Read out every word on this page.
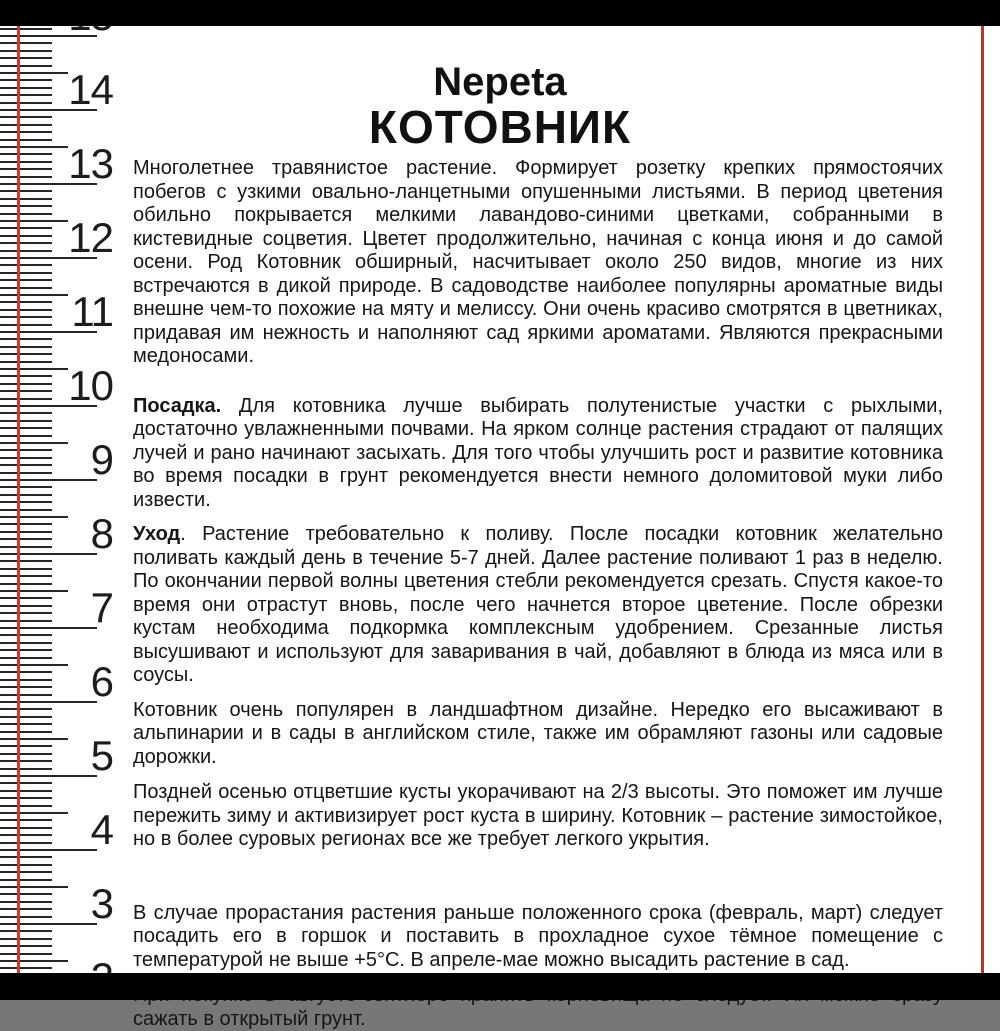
14
13
12
11
10
9
8
7
6
5
4
3
Nepeta
КОТОВНИК

Многолетнее травянистое растение. Формирует розетку крепких прямостоячих побегов с узкими овально-ланцетными опушенными листьями. В период цветения обильно покрывается мелкими лавандово-синими цветками, собранными в кистевидные соцветия. Цветет продолжительно, начиная с конца июня и до самой осени. Род Котовник обширный, насчитывает около 250 видов, многие из них встречаются в дикой природе. В садоводстве наиболее популярны ароматные виды внешне чем-то похожие на мяту и мелиссу. Они очень красиво смотрятся в цветниках, придавая им нежность и наполняют сад яркими ароматами. Являются прекрасными медоносами.

Посадка. Для котовника лучше выбирать полутенистые участки с рыхлыми, достаточно увлажненными почвами. На ярком солнце растения страдают от палящих лучей и рано начинают засыхать. Для того чтобы улучшить рост и развитие котовника во время посадки в грунт рекомендуется внести немного доломитовой муки либо извести.

Уход. Растение требовательно к поливу. После посадки котовник желательно поливать каждый день в течение 5-7 дней. Далее растение поливают 1 раз в неделю. По окончании первой волны цветения стебли рекомендуется срезать. Спустя какое-то время они отрастут вновь, после чего начнется второе цветение. После обрезки кустам необходима подкормка комплексным удобрением. Срезанные листья высушивают и используют для заваривания в чай, добавляют в блюда из мяса или в соусы.

Котовник очень популярен в ландшафтном дизайне. Нередко его высаживают в альпинарии и в сады в английском стиле, также им обрамляют газоны или садовые дорожки.

Поздней осенью отцветшие кусты укорачивают на 2/3 высоты. Это поможет им лучше пережить зиму и активизирует рост куста в ширину. Котовник – растение зимостойкое, но в более суровых регионах все же требует легкого укрытия.

В случае прорастания растения раньше положенного срока (февраль, март) следует посадить его в горшок и поставить в прохладное сухое тёмное помещение с температурой не выше +5°С. В апреле-мае можно высадить растение в сад.

сажать в открытый грунт.
